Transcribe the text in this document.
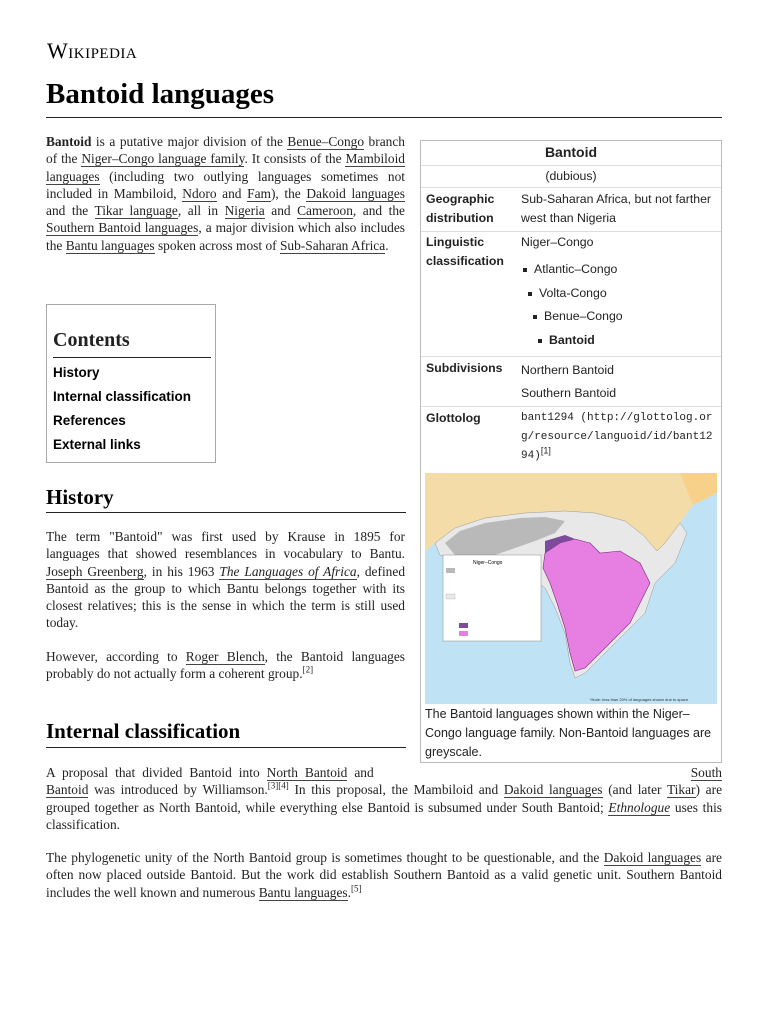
Wikipedia
Bantoid languages

Bantoid is a putative major division of the Benue–Congo branch of the Niger–Congo language family. It consists of the Mambiloid languages (including two outlying languages sometimes not included in Mambiloid, Ndoro and Fam), the Dakoid languages and the Tikar language, all in Nigeria and Cameroon, and the Southern Bantoid languages, a major division which also includes the Bantu languages spoken across most of Sub-Saharan Africa.

Contents
History
Internal classification
References
External links
History

The term "Bantoid" was first used by Krause in 1895 for languages that showed resemblances in vocabulary to Bantu. Joseph Greenberg, in his 1963 The Languages of Africa, defined Bantoid as the group to which Bantu belongs together with its closest relatives; this is the sense in which the term is still used today.

However, according to Roger Blench, the Bantoid languages probably do not actually form a coherent group.[2]

Internal classification

A proposal that divided Bantoid into North Bantoid and	South Bantoid was introduced by Williamson.[3][4] In this proposal, the Mambiloid and Dakoid languages (and later Tikar) are grouped together as North Bantoid, while everything else Bantoid is subsumed under South Bantoid; Ethnologue uses this classification.

The phylogenetic unity of the North Bantoid group is sometimes thought to be questionable, and the Dakoid languages are often now placed outside Bantoid. But the work did establish Southern Bantoid as a valid genetic unit. Southern Bantoid includes the well known and numerous Bantu languages.[5]

Bantoid
(dubious)
Geographic distribution
Sub-Saharan Africa, but not farther west than Nigeria
Linguistic classification
Niger–Congo
Atlantic–Congo
Volta-Congo
Benue–Congo
Bantoid
Subdivisions Northern Bantoid
Southern Bantoid
Glottolog	bant1294 (http://glottolog.org/resource/languoid/id/bant1294)[1]
Niger–Congo
*Note: less than 20% of languages shown due to space
The Bantoid languages shown within the Niger–Congo language family. Non-Bantoid languages are greyscale.
